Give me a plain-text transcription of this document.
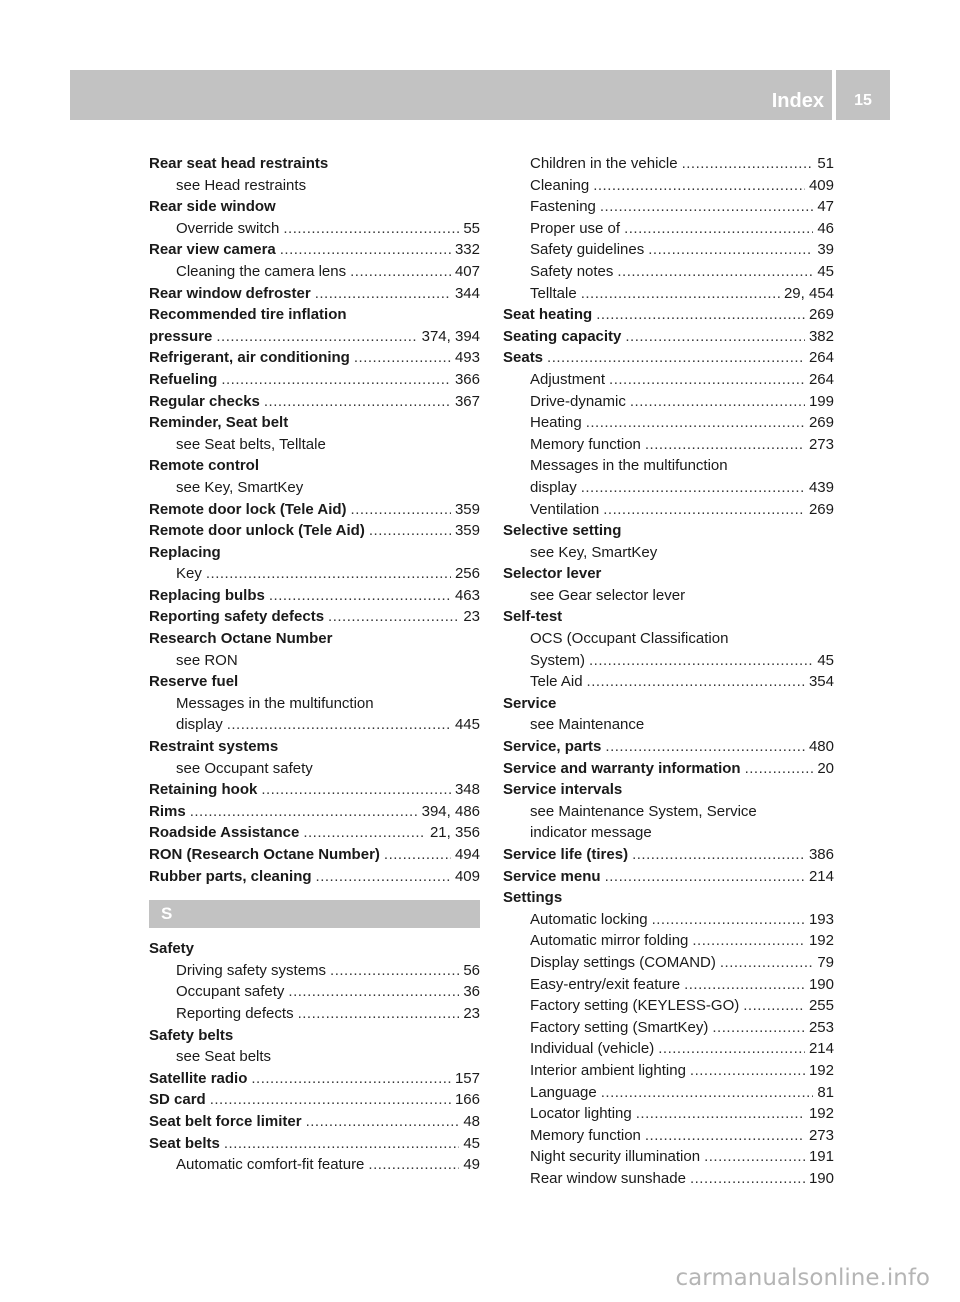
Index	15
Rear seat head restraints
see Head restraints
Rear side window
Override switch .....	55
Rear view camera .....	332
Cleaning the camera lens .....	407
Rear window defroster .....	344
Recommended tire inflation
pressure .....	374, 394
Refrigerant, air conditioning .....	493
Refueling .....	366
Regular checks .....	367
Reminder, Seat belt
see Seat belts, Telltale
Remote control
see Key, SmartKey
Remote door lock (Tele Aid) .....	359
Remote door unlock (Tele Aid) .....	359
Replacing
Key .....	256
Replacing bulbs .....	463
Reporting safety defects .....	23
Research Octane Number
see RON
Reserve fuel
Messages in the multifunction
display .....	445
Restraint systems
see Occupant safety
Retaining hook .....	348
Rims .....	394, 486
Roadside Assistance .....	21, 356
RON (Research Octane Number) .....	494
Rubber parts, cleaning .....	409
S
Safety
Driving safety systems .....	56
Occupant safety .....	36
Reporting defects .....	23
Safety belts
see Seat belts
Satellite radio .....	157
SD card .....	166
Seat belt force limiter .....	48
Seat belts .....	45
Automatic comfort-fit feature .....	49
Children in the vehicle .....	51
Cleaning .....	409
Fastening .....	47
Proper use of .....	46
Safety guidelines .....	39
Safety notes .....	45
Telltale .....	29, 454
Seat heating .....	269
Seating capacity .....	382
Seats .....	264
Adjustment .....	264
Drive-dynamic .....	199
Heating .....	269
Memory function .....	273
Messages in the multifunction
display .....	439
Ventilation .....	269
Selective setting
see Key, SmartKey
Selector lever
see Gear selector lever
Self-test
OCS (Occupant Classification
System) .....	45
Tele Aid .....	354
Service
see Maintenance
Service, parts .....	480
Service and warranty information .....	20
Service intervals
see Maintenance System, Service
indicator message
Service life (tires) .....	386
Service menu .....	214
Settings
Automatic locking .....	193
Automatic mirror folding .....	192
Display settings (COMAND) .....	79
Easy-entry/exit feature .....	190
Factory setting (KEYLESS-GO) .....	255
Factory setting (SmartKey) .....	253
Individual (vehicle) .....	214
Interior ambient lighting .....	192
Language .....	81
Locator lighting .....	192
Memory function .....	273
Night security illumination .....	191
Rear window sunshade .....	190
carmanualsonline.info
